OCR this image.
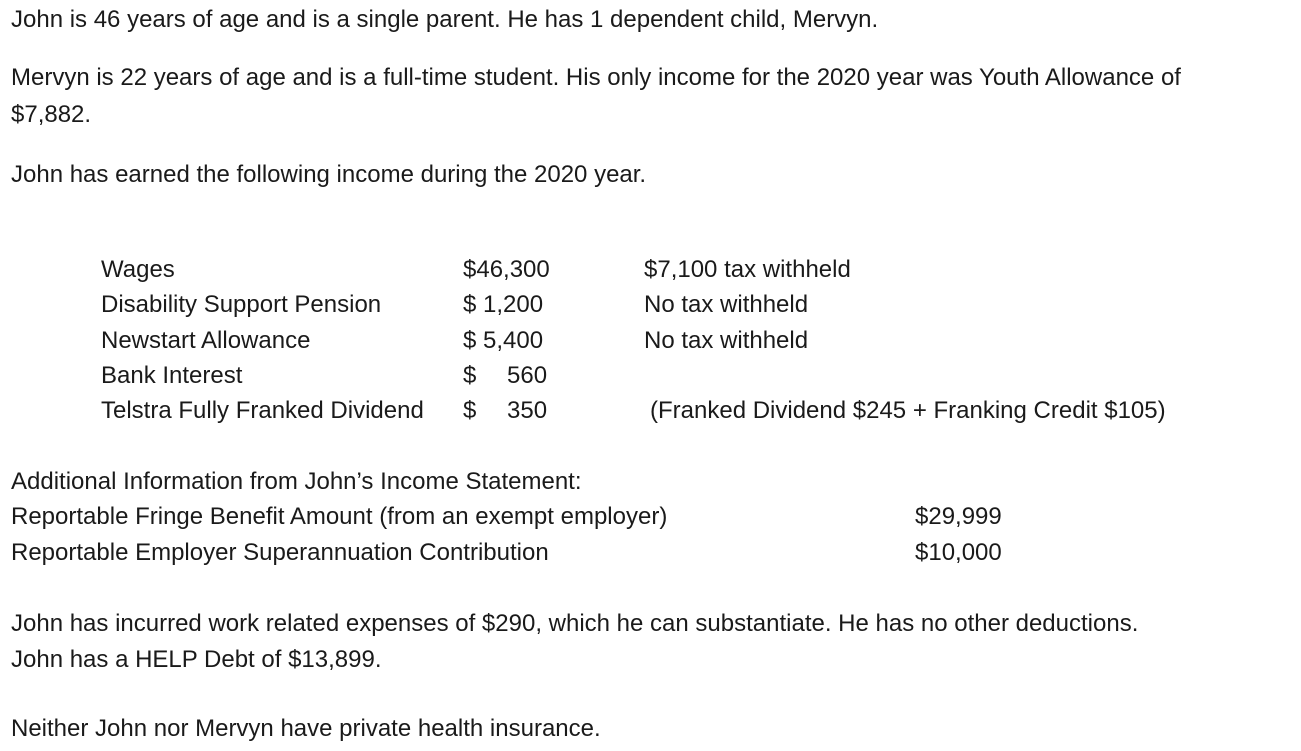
John is 46 years of age and is a single parent. He has 1 dependent child, Mervyn.

Mervyn is 22 years of age and is a full-time student. His only income for the 2020 year was Youth Allowance of

$7,882.

John has earned the following income during the 2020 year.

Wages	$46,300	$7,100 tax withheld
Disability Support Pension	$ 1,200	No tax withheld
Newstart Allowance	$ 5,400	No tax withheld
Bank Interest	$ 560
Telstra Fully Franked Dividend $ 350	(Franked Dividend $245 + Franking Credit $105)
Additional Information from John’s Income Statement:
Reportable Fringe Benefit Amount (from an exempt employer)	$29,999
Reportable Employer Superannuation Contribution	$10,000

John has incurred work related expenses of $290, which he can substantiate. He has no other deductions.

John has a HELP Debt of $13,899.

Neither John nor Mervyn have private health insurance.
